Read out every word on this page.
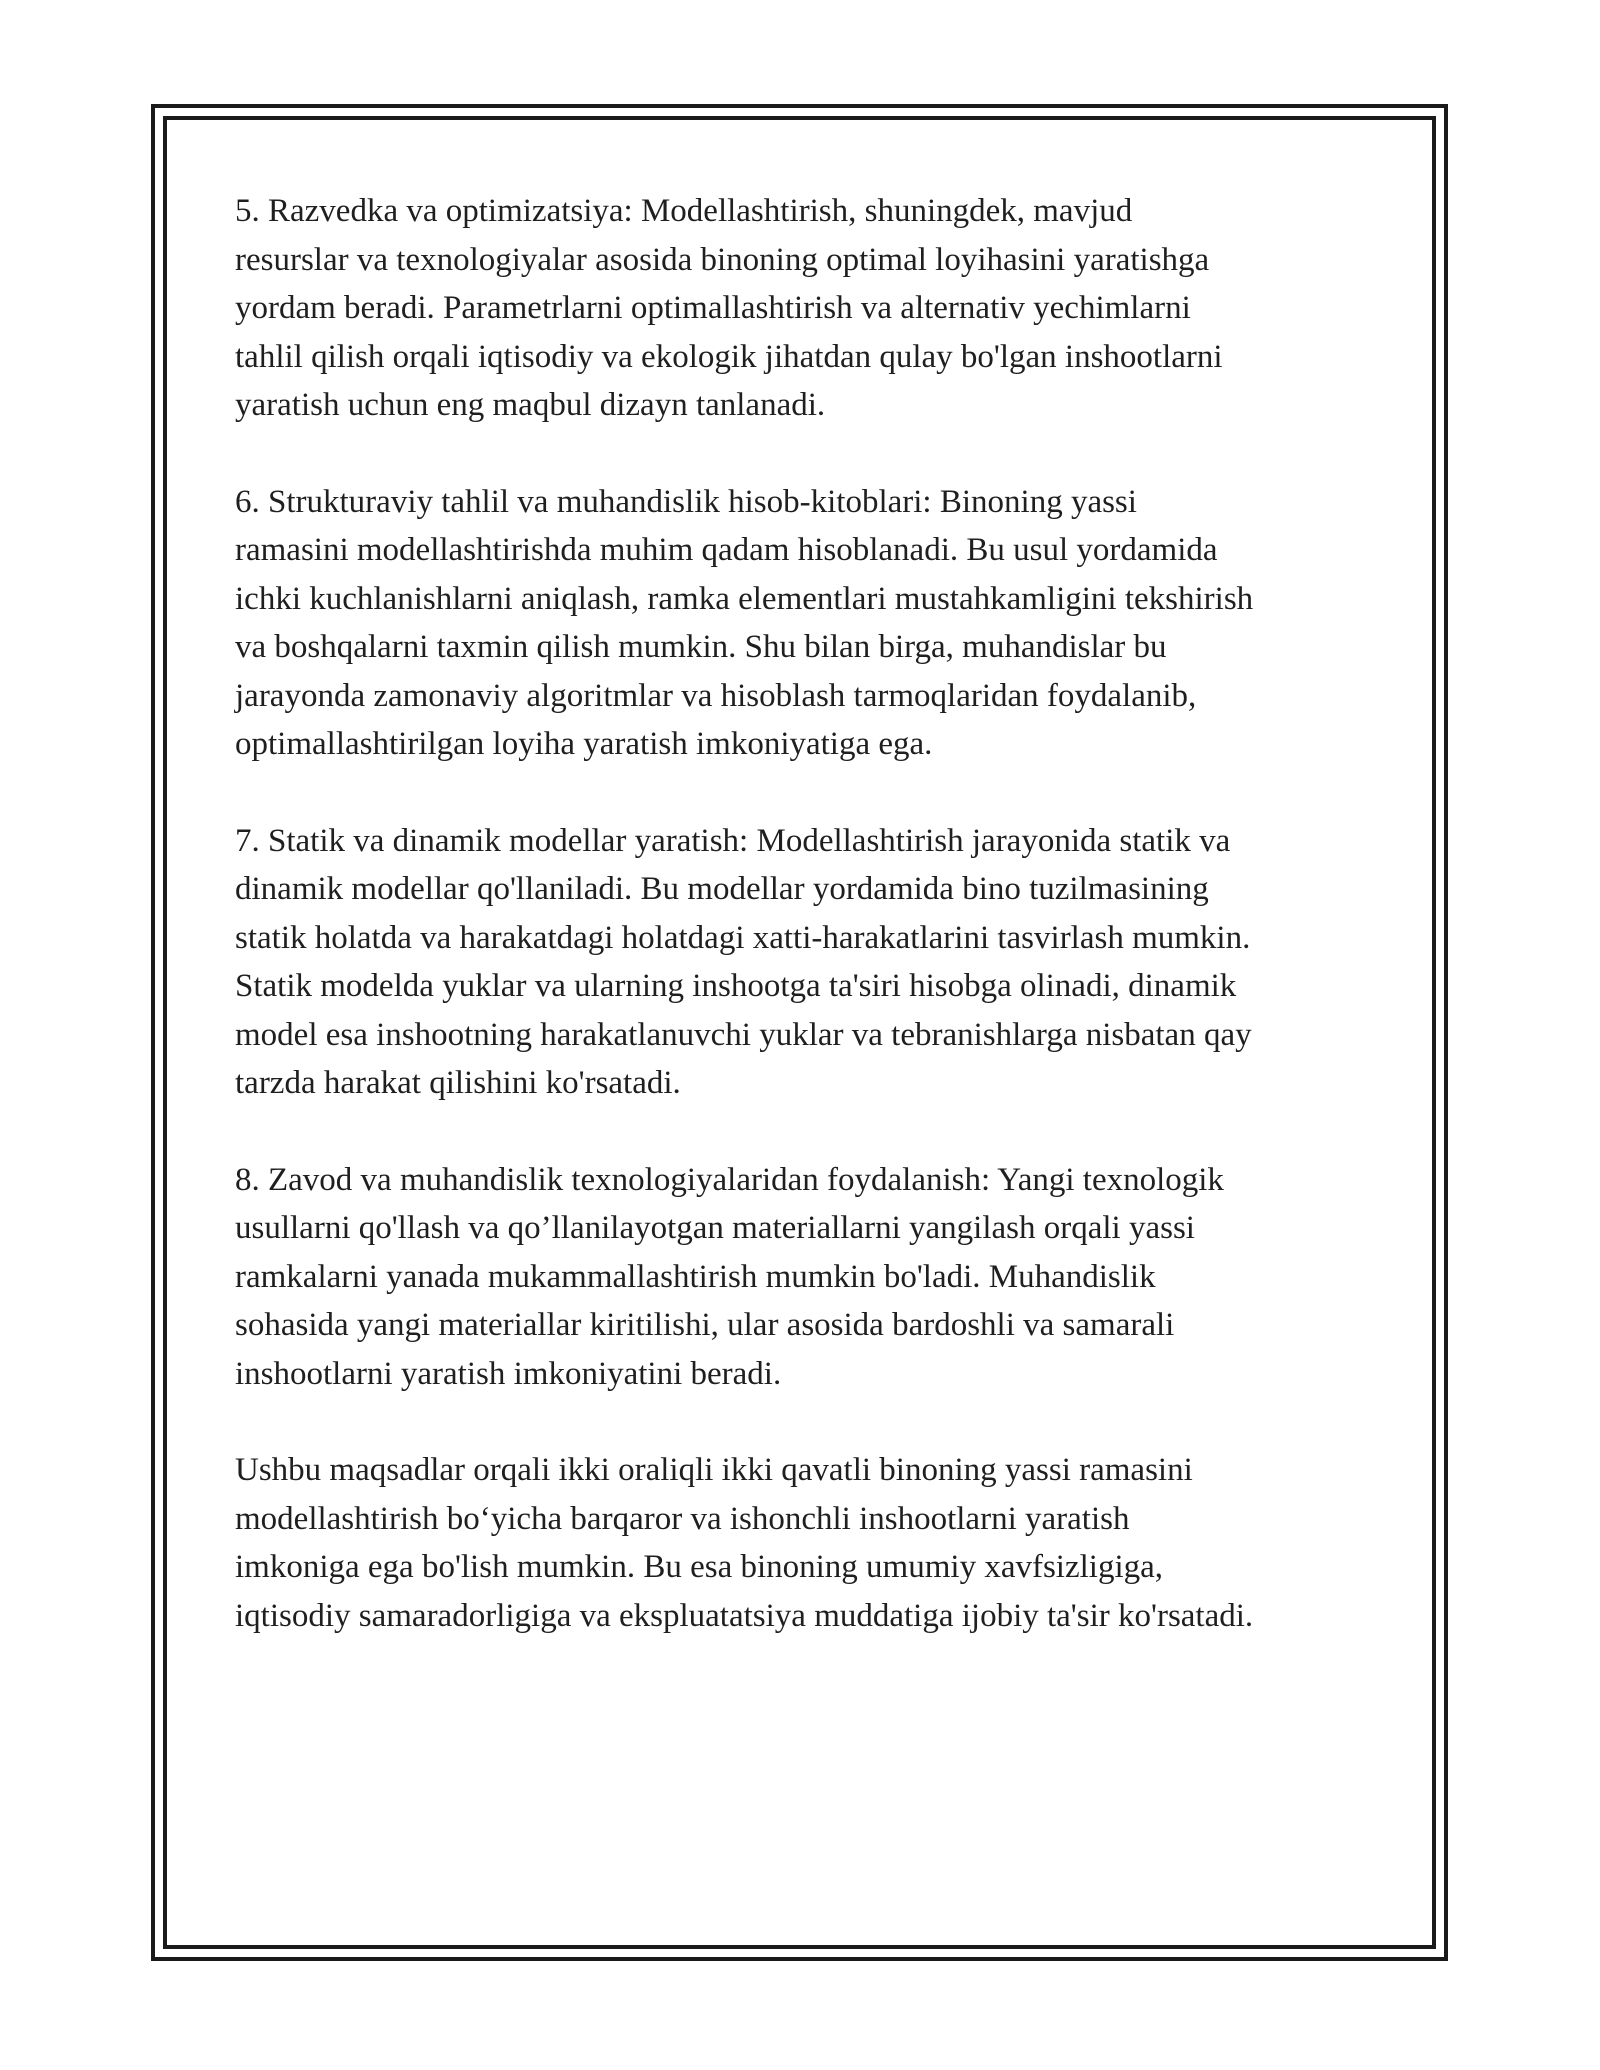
5. Razvedka va optimizatsiya: Modellashtirish, shuningdek, mavjud
resurslar va texnologiyalar asosida binoning optimal loyihasini yaratishga
yordam beradi. Parametrlarni optimallashtirish va alternativ yechimlarni
tahlil qilish orqali iqtisodiy va ekologik jihatdan qulay bo'lgan inshootlarni
yaratish uchun eng maqbul dizayn tanlanadi.

6. Strukturaviy tahlil va muhandislik hisob-kitoblari: Binoning yassi
ramasini modellashtirishda muhim qadam hisoblanadi. Bu usul yordamida
ichki kuchlanishlarni aniqlash, ramka elementlari mustahkamligini tekshirish
va boshqalarni taxmin qilish mumkin. Shu bilan birga, muhandislar bu
jarayonda zamonaviy algoritmlar va hisoblash tarmoqlaridan foydalanib,
optimallashtirilgan loyiha yaratish imkoniyatiga ega.

7. Statik va dinamik modellar yaratish: Modellashtirish jarayonida statik va
dinamik modellar qo'llaniladi. Bu modellar yordamida bino tuzilmasining
statik holatda va harakatdagi holatdagi xatti-harakatlarini tasvirlash mumkin.
Statik modelda yuklar va ularning inshootga ta'siri hisobga olinadi, dinamik
model esa inshootning harakatlanuvchi yuklar va tebranishlarga nisbatan qay
tarzda harakat qilishini ko'rsatadi.

8. Zavod va muhandislik texnologiyalaridan foydalanish: Yangi texnologik
usullarni qo'llash va qo’llanilayotgan materiallarni yangilash orqali yassi
ramkalarni yanada mukammallashtirish mumkin bo'ladi. Muhandislik
sohasida yangi materiallar kiritilishi, ular asosida bardoshli va samarali
inshootlarni yaratish imkoniyatini beradi.

Ushbu maqsadlar orqali ikki oraliqli ikki qavatli binoning yassi ramasini
modellashtirish bo‘yicha barqaror va ishonchli inshootlarni yaratish
imkoniga ega bo'lish mumkin. Bu esa binoning umumiy xavfsizligiga,
iqtisodiy samaradorligiga va ekspluatatsiya muddatiga ijobiy ta'sir ko'rsatadi.
